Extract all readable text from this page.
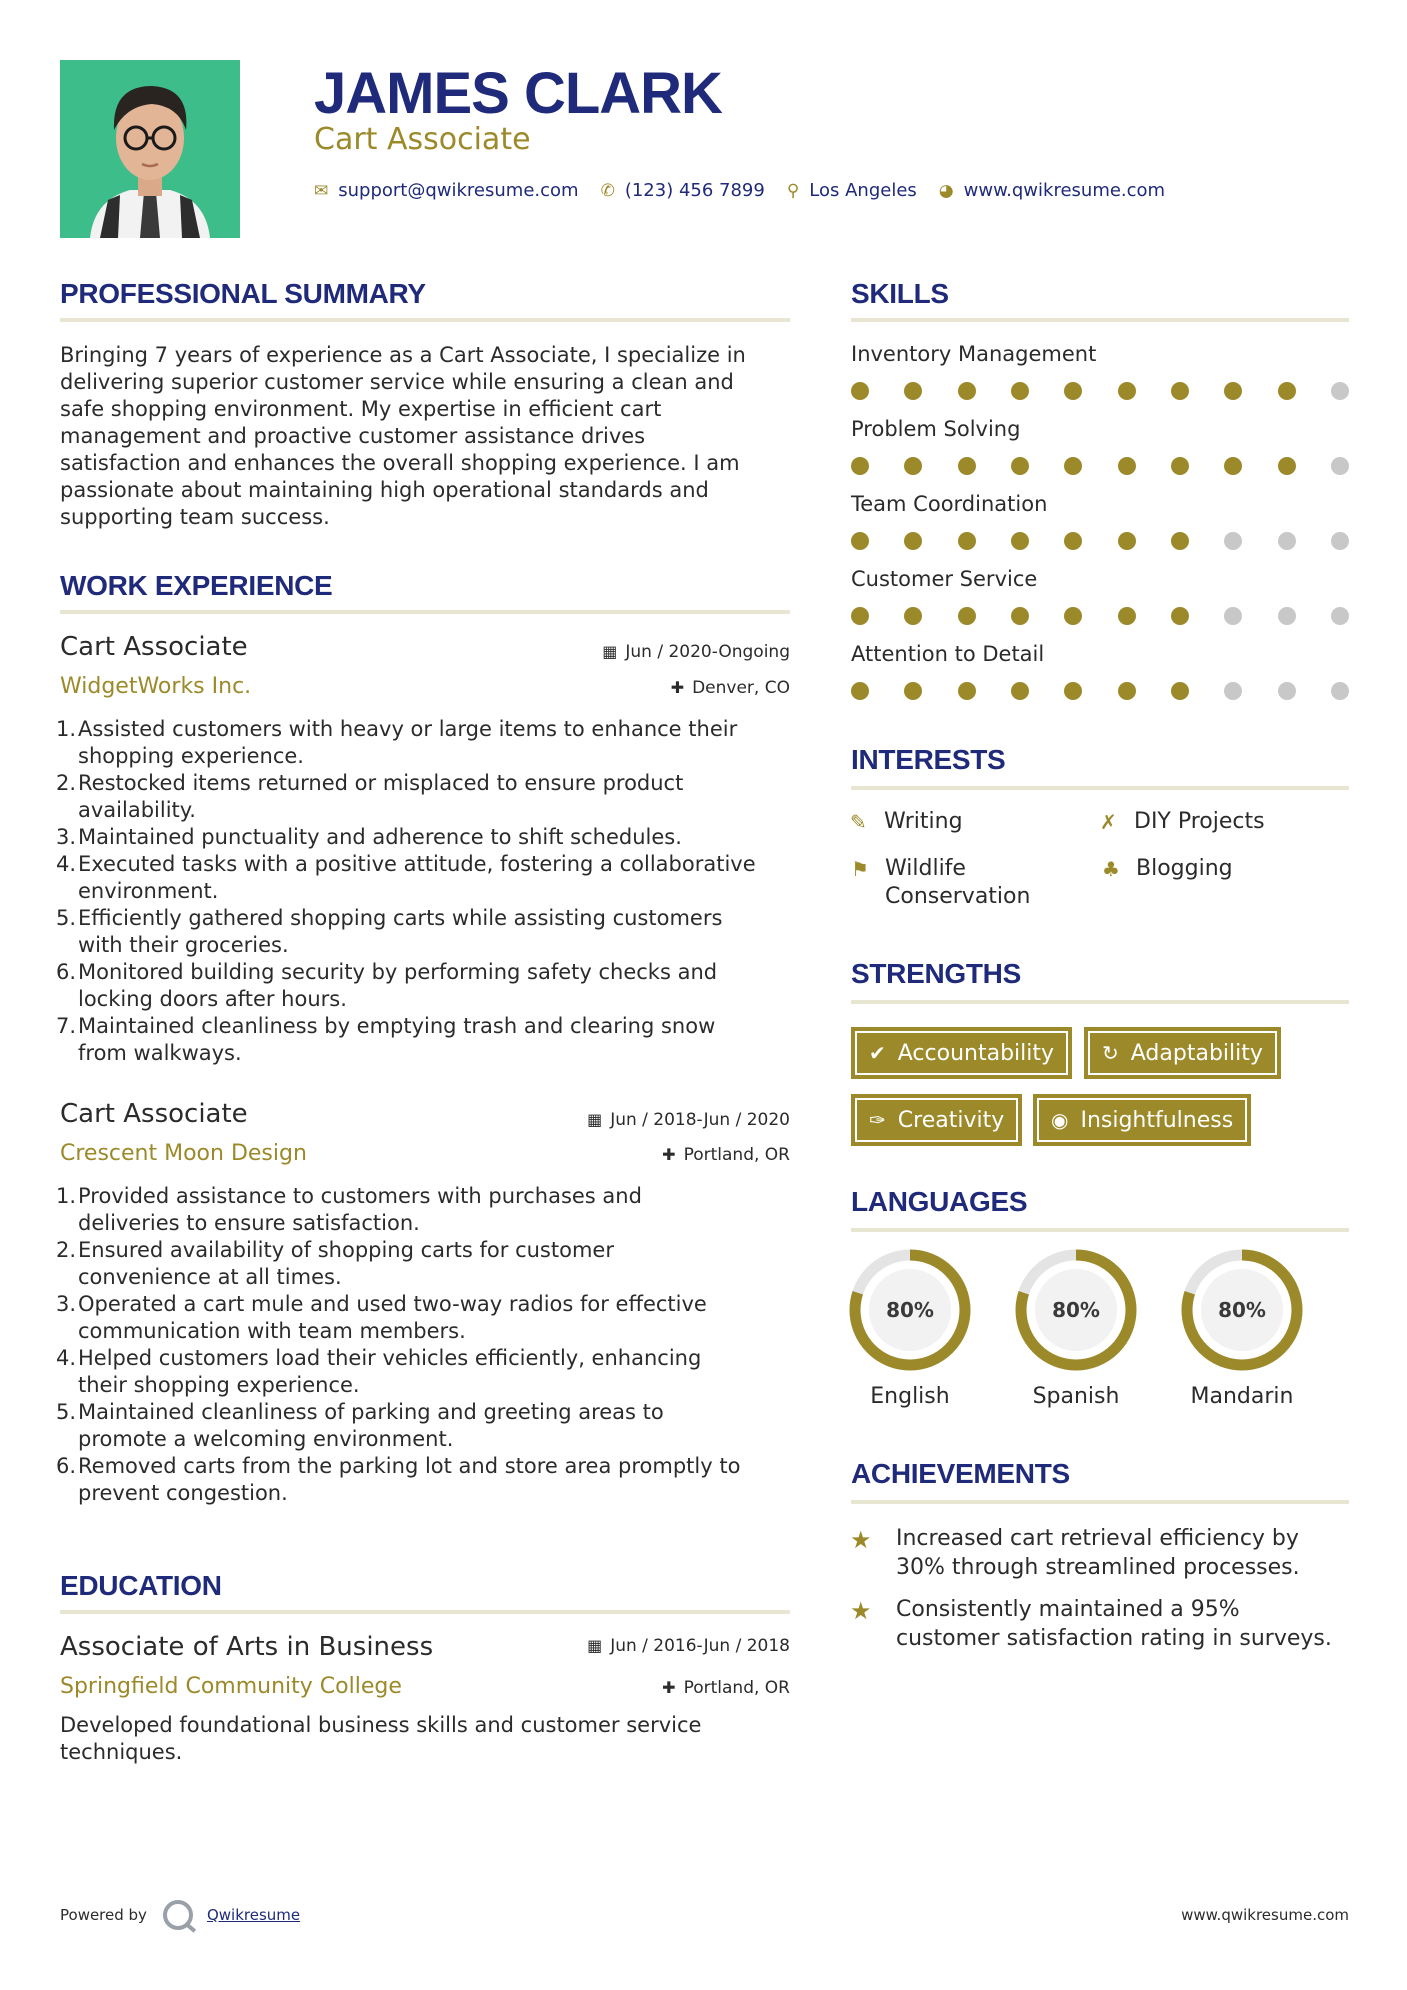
JAMES CLARK
Cart Associate
✉ support@qwikresume.com ✆ (123) 456 7899 ⚲ Los Angeles ◕ www.qwikresume.com
PROFESSIONAL SUMMARY
Bringing 7 years of experience as a Cart Associate, I specialize in
delivering superior customer service while ensuring a clean and
safe shopping environment. My expertise in efficient cart
management and proactive customer assistance drives
satisfaction and enhances the overall shopping experience. I am
passionate about maintaining high operational standards and
supporting team success.
WORK EXPERIENCE
Cart Associate	▦ Jun / 2020-Ongoing
WidgetWorks Inc.	✚ Denver, CO
1. Assisted customers with heavy or large items to enhance their
shopping experience.
2. Restocked items returned or misplaced to ensure product
availability.
3. Maintained punctuality and adherence to shift schedules.
4. Executed tasks with a positive attitude, fostering a collaborative
environment.
5. Efficiently gathered shopping carts while assisting customers
with their groceries.
6. Monitored building security by performing safety checks and
locking doors after hours.
7. Maintained cleanliness by emptying trash and clearing snow
from walkways.
Cart Associate	▦ Jun / 2018-Jun / 2020
Crescent Moon Design	✚ Portland, OR
1. Provided assistance to customers with purchases and
deliveries to ensure satisfaction.
2. Ensured availability of shopping carts for customer
convenience at all times.
3. Operated a cart mule and used two-way radios for effective
communication with team members.
4. Helped customers load their vehicles efficiently, enhancing
their shopping experience.
5. Maintained cleanliness of parking and greeting areas to
promote a welcoming environment.
6. Removed carts from the parking lot and store area promptly to
prevent congestion.
EDUCATION
Associate of Arts in Business	▦ Jun / 2016-Jun / 2018
Springfield Community College	✚ Portland, OR
Developed foundational business skills and customer service
techniques.
SKILLS
Inventory Management
Problem Solving
Team Coordination
Customer Service
Attention to Detail
INTERESTS
✎ Writing	✗ DIY Projects
⚑ Wildlife
Conservation
♣ Blogging
STRENGTHS
✔ Accountability ↻ Adaptability
✑ Creativity ◉ Insightfulness
LANGUAGES
80%	80%	80%
English	Spanish	Mandarin
ACHIEVEMENTS
★ Increased cart retrieval efficiency by
30% through streamlined processes.
★ Consistently maintained a 95%
customer satisfaction rating in surveys.
Powered by	Qwikresume	www.qwikresume.com
